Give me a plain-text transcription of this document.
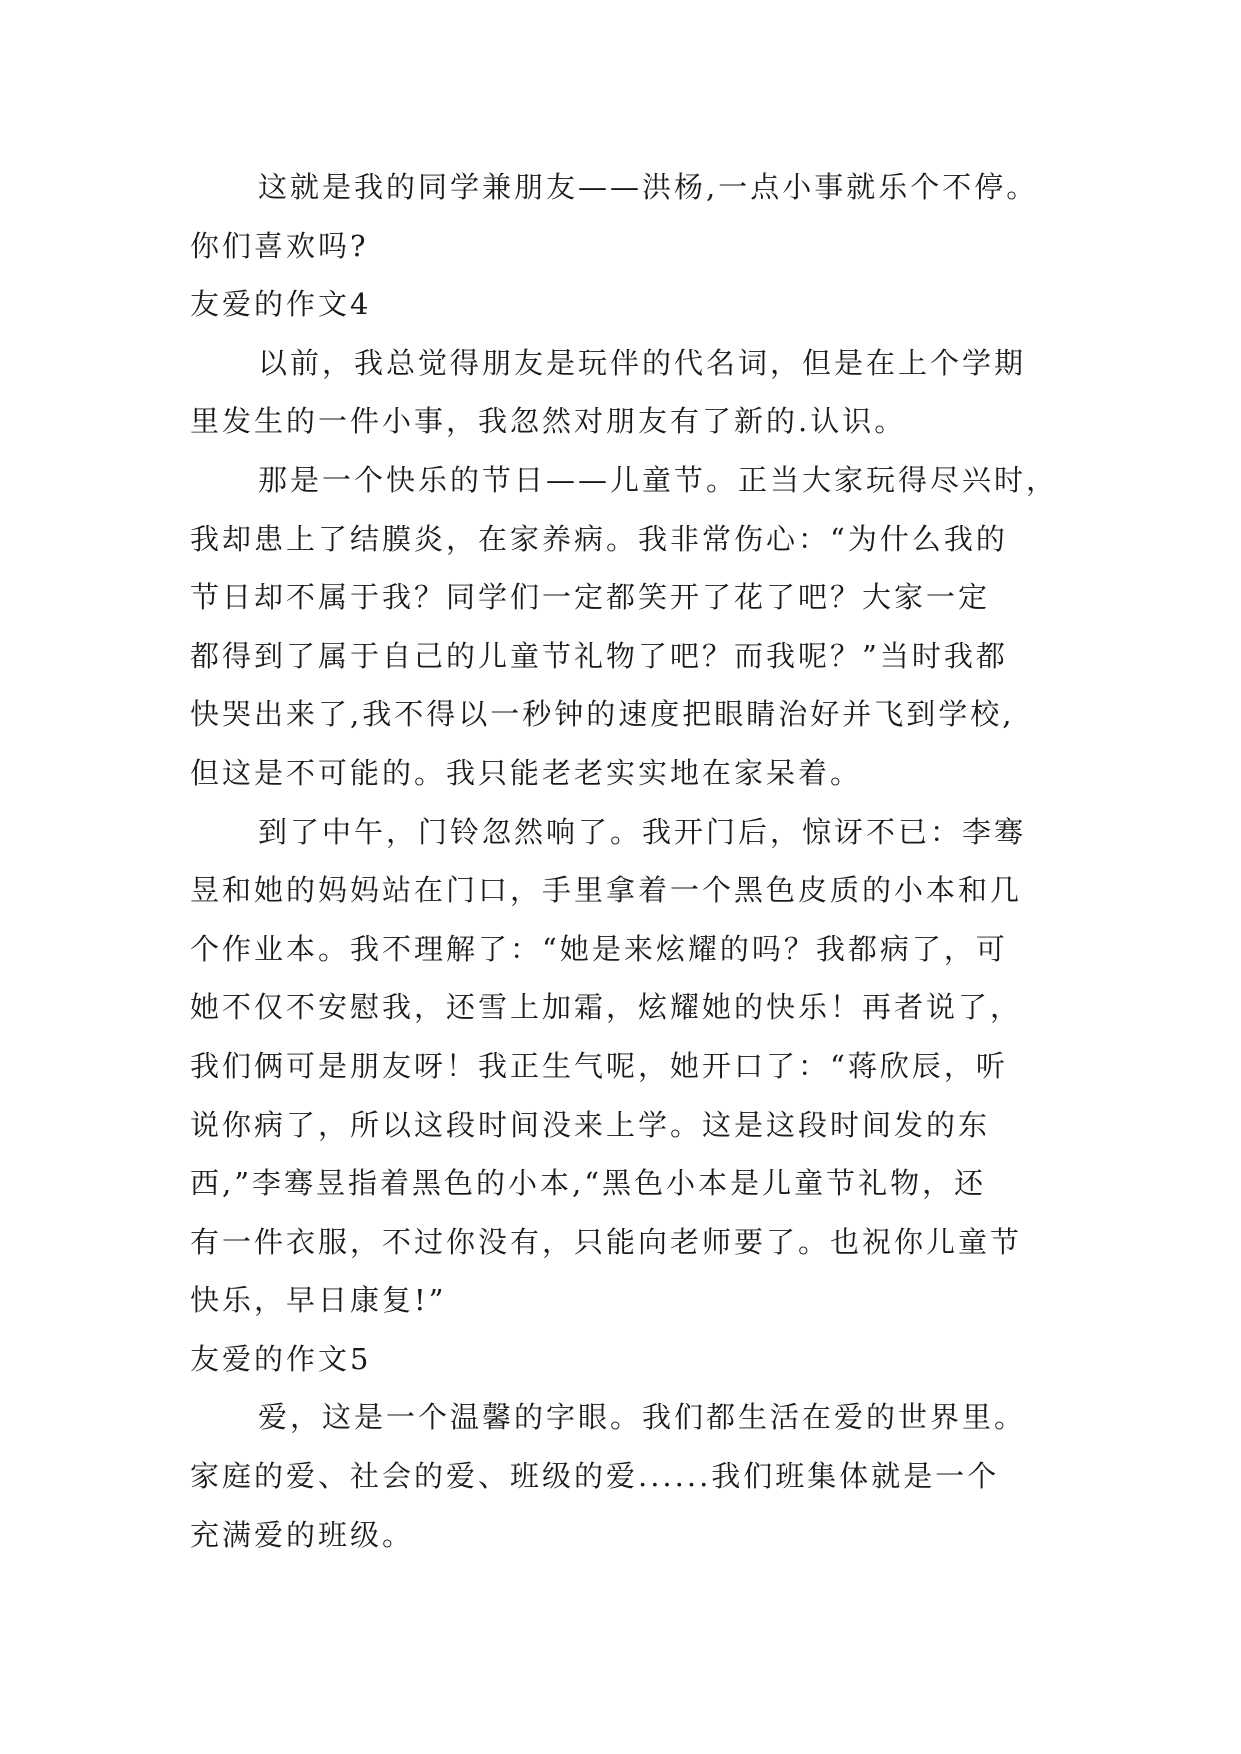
这就是我的同学兼朋友——洪杨,一点小事就乐个不停。
你们喜欢吗?
友爱的作文4
以前，我总觉得朋友是玩伴的代名词，但是在上个学期
里发生的一件小事，我忽然对朋友有了新的.认识。
那是一个快乐的节日——儿童节。正当大家玩得尽兴时，
我却患上了结膜炎，在家养病。我非常伤心：“为什么我的
节日却不属于我？同学们一定都笑开了花了吧？大家一定
都得到了属于自己的儿童节礼物了吧？而我呢？”当时我都
快哭出来了,我不得以一秒钟的速度把眼睛治好并飞到学校,
但这是不可能的。我只能老老实实地在家呆着。
到了中午，门铃忽然响了。我开门后，惊讶不已：李骞
昱和她的妈妈站在门口，手里拿着一个黑色皮质的小本和几
个作业本。我不理解了：“她是来炫耀的吗？我都病了，可
她不仅不安慰我，还雪上加霜，炫耀她的快乐！再者说了，
我们俩可是朋友呀！我正生气呢，她开口了：“蒋欣辰，听
说你病了，所以这段时间没来上学。这是这段时间发的东
西,”李骞昱指着黑色的小本,“黑色小本是儿童节礼物，还
有一件衣服，不过你没有，只能向老师要了。也祝你儿童节
快乐，早日康复!”
友爱的作文5
爱，这是一个温馨的字眼。我们都生活在爱的世界里。
家庭的爱、社会的爱、班级的爱......我们班集体就是一个
充满爱的班级。
